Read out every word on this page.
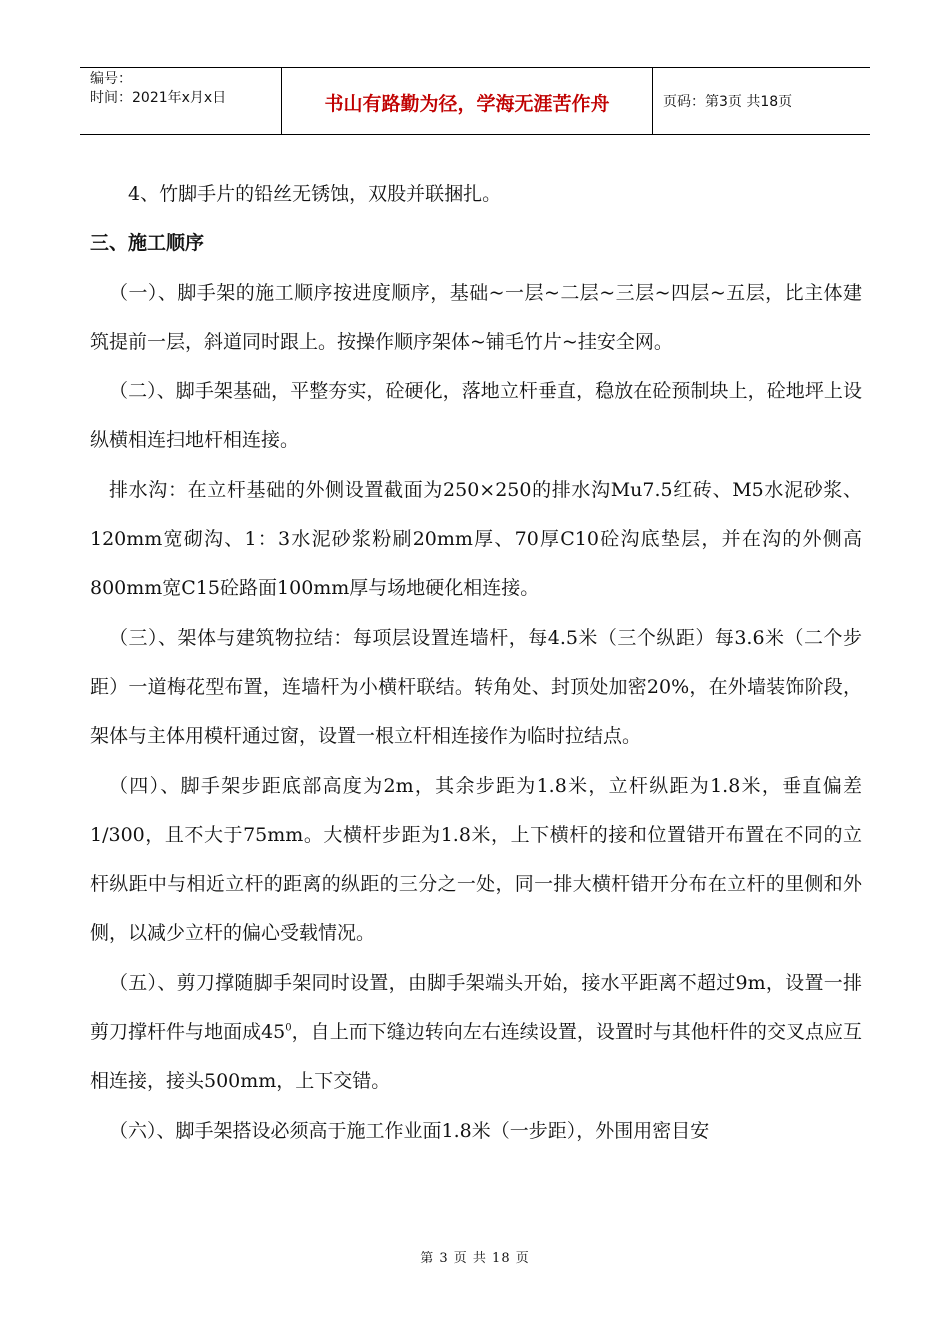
编号：
时间：2021年x月x日	书山有路勤为径，学海无涯苦作舟	页码：第3页 共18页

4、竹脚手片的铅丝无锈蚀，双股并联捆扎。

三、施工顺序

（一）、脚手架的施工顺序按进度顺序，基础~一层~二层~三层~四层~五层，比主体建筑提前一层，斜道同时跟上。按操作顺序架体~铺毛竹片~挂安全网。

（二）、脚手架基础，平整夯实，砼硬化，落地立杆垂直，稳放在砼预制块上，砼地坪上设纵横相连扫地杆相连接。

排水沟：在立杆基础的外侧设置截面为250×250的排水沟Mu7.5红砖、M5水泥砂浆、120mm宽砌沟、1：3水泥砂浆粉刷20mm厚、70厚C10砼沟底垫层，并在沟的外侧高800mm宽C15砼路面100mm厚与场地硬化相连接。

（三）、架体与建筑物拉结：每项层设置连墙杆，每4.5米（三个纵距）每3.6米（二个步距）一道梅花型布置，连墙杆为小横杆联结。转角处、封顶处加密20%，在外墙装饰阶段，架体与主体用模杆通过窗，设置一根立杆相连接作为临时拉结点。

（四）、脚手架步距底部高度为2m，其余步距为1.8米，立杆纵距为1.8米，垂直偏差1/300，且不大于75mm。大横杆步距为1.8米，上下横杆的接和位置错开布置在不同的立杆纵距中与相近立杆的距离的纵距的三分之一处，同一排大横杆错开分布在立杆的里侧和外侧，以减少立杆的偏心受载情况。

（五）、剪刀撑随脚手架同时设置，由脚手架端头开始，接水平距离不超过9m，设置一排剪刀撑杆件与地面成$45^0$，自上而下缝边转向左右连续设置，设置时与其他杆件的交叉点应互相连接，接头500mm，上下交错。

（六）、脚手架搭设必须高于施工作业面1.8米（一步距），外围用密目安

第 3 页 共 18 页
